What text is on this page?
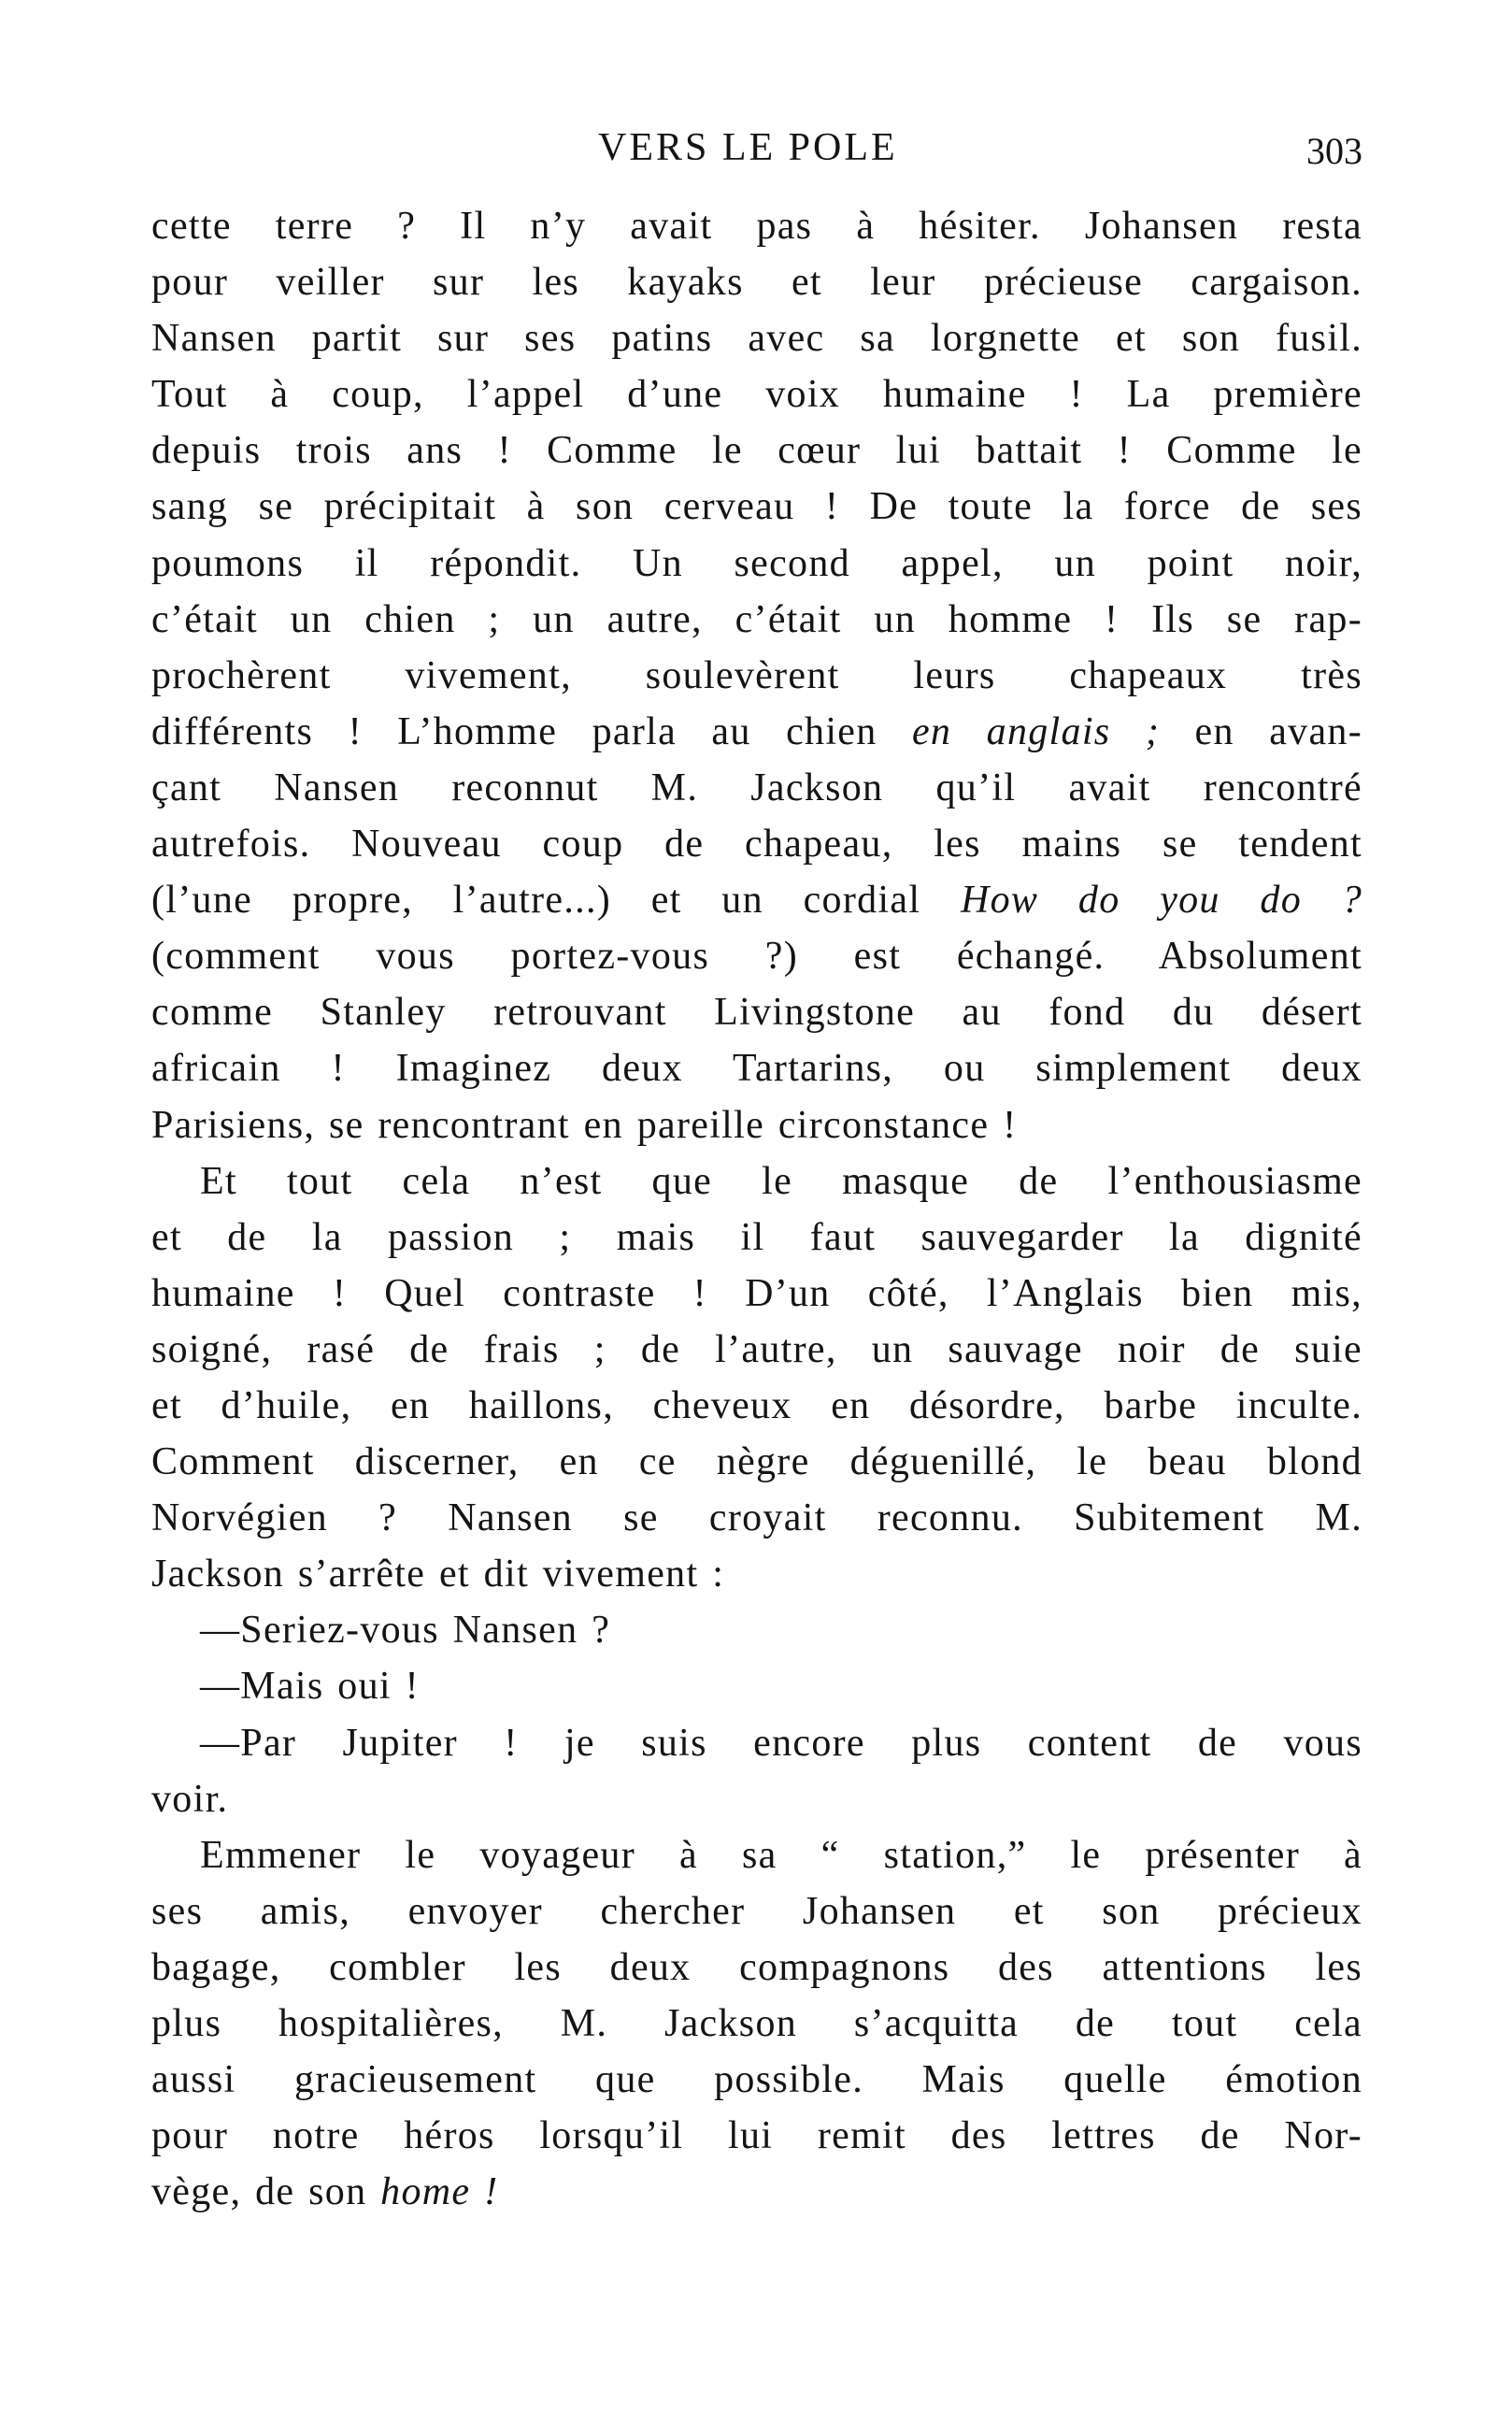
VERS LE POLE	303
cette terre ? Il n’y avait pas à hésiter. Johansen resta
pour veiller sur les kayaks et leur précieuse cargaison.
Nansen partit sur ses patins avec sa lorgnette et son fusil.
Tout à coup, l’appel d’une voix humaine ! La première
depuis trois ans ! Comme le cœur lui battait ! Comme le
sang se précipitait à son cerveau ! De toute la force de ses
poumons il répondit. Un second appel, un point noir,
c’était un chien ; un autre, c’était un homme ! Ils se rap-
prochèrent vivement, soulevèrent leurs chapeaux très
différents ! L’homme parla au chien en anglais ; en avan-
çant Nansen reconnut M. Jackson qu’il avait rencontré
autrefois. Nouveau coup de chapeau, les mains se tendent
(l’une propre, l’autre...) et un cordial How do you do ?
(comment vous portez-vous ?) est échangé. Absolument
comme Stanley retrouvant Livingstone au fond du désert
africain ! Imaginez deux Tartarins, ou simplement deux
Parisiens, se rencontrant en pareille circonstance !
Et tout cela n’est que le masque de l’enthousiasme
et de la passion ; mais il faut sauvegarder la dignité
humaine ! Quel contraste ! D’un côté, l’Anglais bien mis,
soigné, rasé de frais ; de l’autre, un sauvage noir de suie
et d’huile, en haillons, cheveux en désordre, barbe inculte.
Comment discerner, en ce nègre déguenillé, le beau blond
Norvégien ? Nansen se croyait reconnu. Subitement M.
Jackson s’arrête et dit vivement :
—Seriez-vous Nansen ?
—Mais oui !
—Par Jupiter ! je suis encore plus content de vous
voir.
Emmener le voyageur à sa “ station,” le présenter à
ses amis, envoyer chercher Johansen et son précieux
bagage, combler les deux compagnons des attentions les
plus hospitalières, M. Jackson s’acquitta de tout cela
aussi gracieusement que possible. Mais quelle émotion
pour notre héros lorsqu’il lui remit des lettres de Nor-
vège, de son home !
